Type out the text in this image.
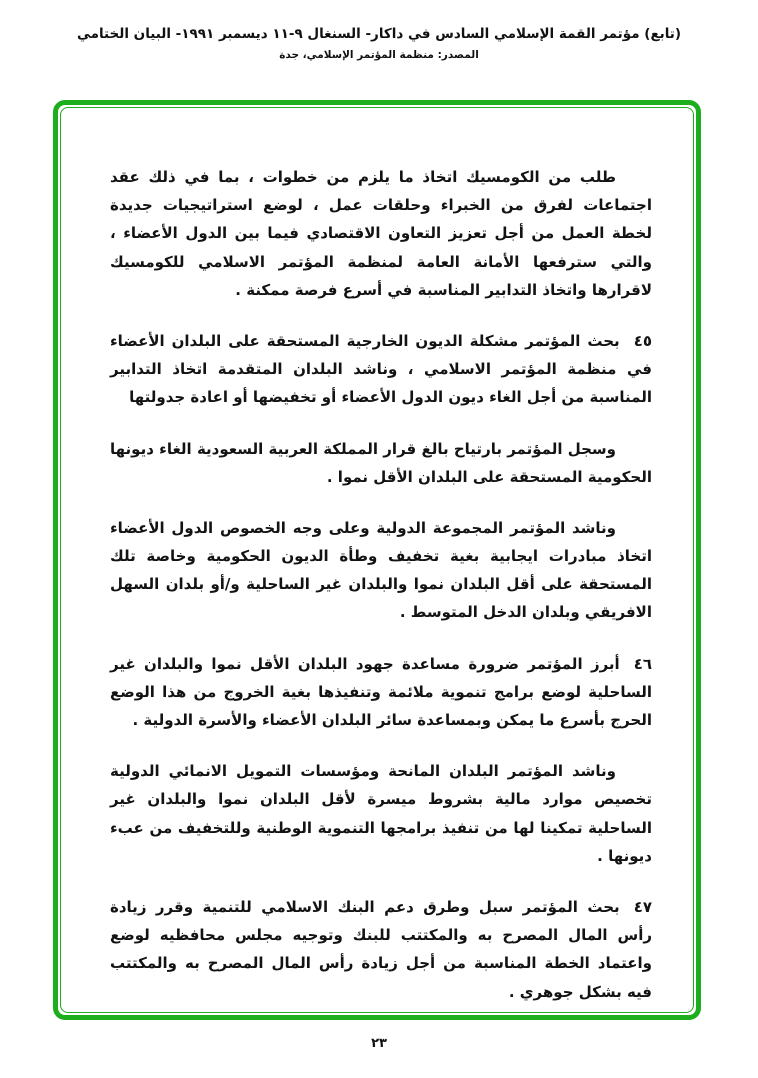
(تابع) مؤتمر القمة الإسلامي السادس في داكار- السنغال ٩-١١ ديسمبر ١٩٩١- البيان الختامي
المصدر: منظمة المؤتمر الإسلامي، جدة

طلب من الكومسيك اتخاذ ما يلزم من خطوات ، بما في ذلك عقد اجتماعات لفرق من الخبراء وحلقات عمل ، لوضع استراتيجيات جديدة لخطة العمل من أجل تعزيز التعاون الاقتصادي فيما بين الدول الأعضاء ، والتي سترفعها الأمانة العامة لمنظمة المؤتمر الاسلامي للكومسيك لاقرارها واتخاذ التدابير المناسبة في أسرع فرصة ممكنة .

٤٥بحث المؤتمر مشكلة الديون الخارجية المستحقة على البلدان الأعضاء في منظمة المؤتمر الاسلامي ، وناشد البلدان المتقدمة اتخاذ التدابير المناسبة من أجل الغاء ديون الدول الأعضاء أو تخفيضها أو اعادة جدولتها

وسجل المؤتمر بارتياح بالغ قرار المملكة العربية السعودية الغاء ديونها الحكومية المستحقة على البلدان الأقل نموا .

وناشد المؤتمر المجموعة الدولية وعلى وجه الخصوص الدول الأعضاء اتخاذ مبادرات ايجابية بغية تخفيف وطأة الديون الحكومية وخاصة تلك المستحقة على أقل البلدان نموا والبلدان غير الساحلية و/أو بلدان السهل الافريقي وبلدان الدخل المتوسط .

٤٦أبرز المؤتمر ضرورة مساعدة جهود البلدان الأقل نموا والبلدان غير الساحلية لوضع برامج تنموية ملائمة وتنفيذها بغية الخروج من هذا الوضع الحرج بأسرع ما يمكن وبمساعدة سائر البلدان الأعضاء والأسرة الدولية .

وناشد المؤتمر البلدان المانحة ومؤسسات التمويل الانمائي الدولية تخصيص موارد مالية بشروط ميسرة لأقل البلدان نموا والبلدان غير الساحلية تمكينا لها من تنفيذ برامجها التنموية الوطنية وللتخفيف من عبء ديونها .

٤٧بحث المؤتمر سبل وطرق دعم البنك الاسلامي للتنمية وقرر زيادة رأس المال المصرح به والمكتتب للبنك وتوجيه مجلس محافظيه لوضع واعتماد الخطة المناسبة من أجل زيادة رأس المال المصرح به والمكتتب فيه بشكل جوهري .

٢٣
